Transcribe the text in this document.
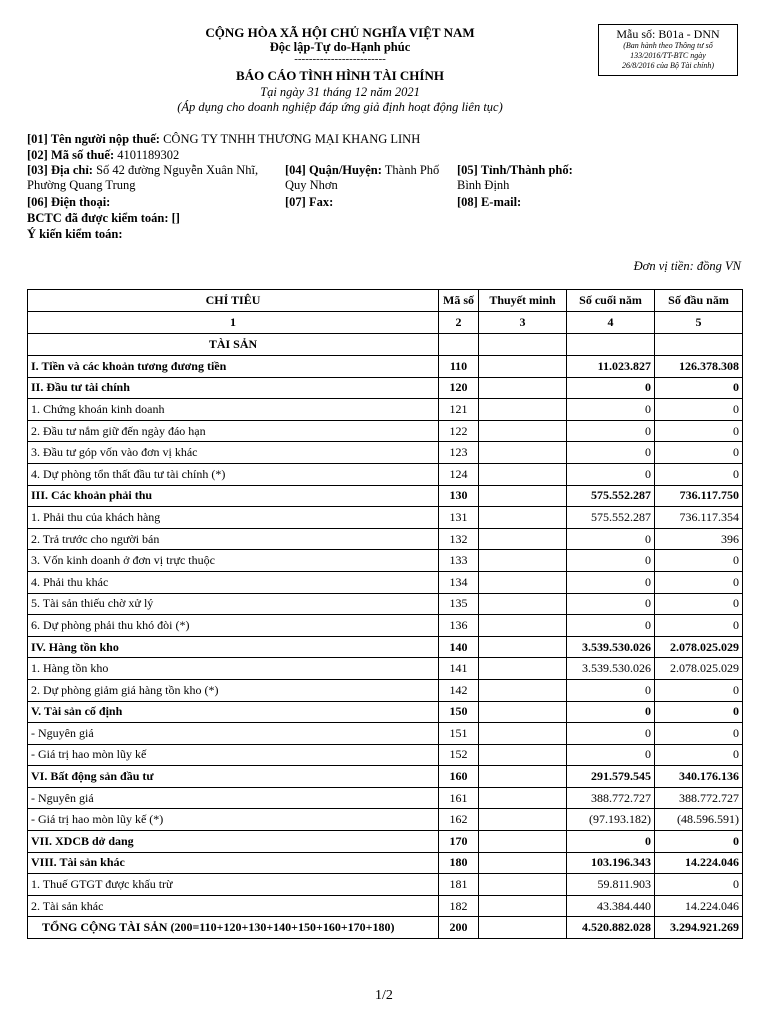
CỘNG HÒA XÃ HỘI CHỦ NGHĨA VIỆT NAM
Độc lập-Tự do-Hạnh phúc
-------------------------
BÁO CÁO TÌNH HÌNH TÀI CHÍNH
Tại ngày 31 tháng 12 năm 2021
(Áp dụng cho doanh nghiệp đáp ứng giả định hoạt động liên tục)
Mẫu số: B01a - DNN
(Ban hành theo Thông tư số
133/2016/TT-BTC ngày
26/8/2016 của Bộ Tài chính)
[01] Tên người nộp thuế: CÔNG TY TNHH THƯƠNG MẠI KHANG LINH
[02] Mã số thuế: 4101189302
[03] Địa chỉ: Số 42 đường Nguyễn Xuân Nhĩ,
Phường Quang Trung
[04] Quận/Huyện: Thành Phố
Quy Nhơn
[05] Tỉnh/Thành phố:
Bình Định
[06] Điện thoại:	[07] Fax:	[08] E-mail:
BCTC đã được kiểm toán: []
Ý kiến kiểm toán:
Đơn vị tiền: đồng VN
CHỈ TIÊU	Mã số	Thuyết minh	Số cuối năm	Số đầu năm
1	2	3	4	5
TÀI SẢN				
I. Tiền và các khoản tương đương tiền	110		11.023.827	126.378.308
II. Đầu tư tài chính	120		0	0
1. Chứng khoán kinh doanh	121		0	0
2. Đầu tư nắm giữ đến ngày đáo hạn	122		0	0
3. Đầu tư góp vốn vào đơn vị khác	123		0	0
4. Dự phòng tổn thất đầu tư tài chính (*)	124		0	0
III. Các khoản phải thu	130		575.552.287	736.117.750
1. Phải thu của khách hàng	131		575.552.287	736.117.354
2. Trả trước cho người bán	132		0	396
3. Vốn kinh doanh ở đơn vị trực thuộc	133		0	0
4. Phải thu khác	134		0	0
5. Tài sản thiếu chờ xử lý	135		0	0
6. Dự phòng phải thu khó đòi (*)	136		0	0
IV. Hàng tồn kho	140		3.539.530.026	2.078.025.029
1. Hàng tồn kho	141		3.539.530.026	2.078.025.029
2. Dự phòng giảm giá hàng tồn kho (*)	142		0	0
V. Tài sản cố định	150		0	0
- Nguyên giá	151		0	0
- Giá trị hao mòn lũy kế	152		0	0
VI. Bất động sản đầu tư	160		291.579.545	340.176.136
- Nguyên giá	161		388.772.727	388.772.727
- Giá trị hao mòn lũy kế (*)	162		(97.193.182)	(48.596.591)
VII. XDCB dở dang	170		0	0
VIII. Tài sản khác	180		103.196.343	14.224.046
1. Thuế GTGT được khấu trừ	181		59.811.903	0
2. Tài sản khác	182		43.384.440	14.224.046
TỔNG CỘNG TÀI SẢN (200=110+120+130+140+150+160+170+180)	200		4.520.882.028	3.294.921.269
1/2
